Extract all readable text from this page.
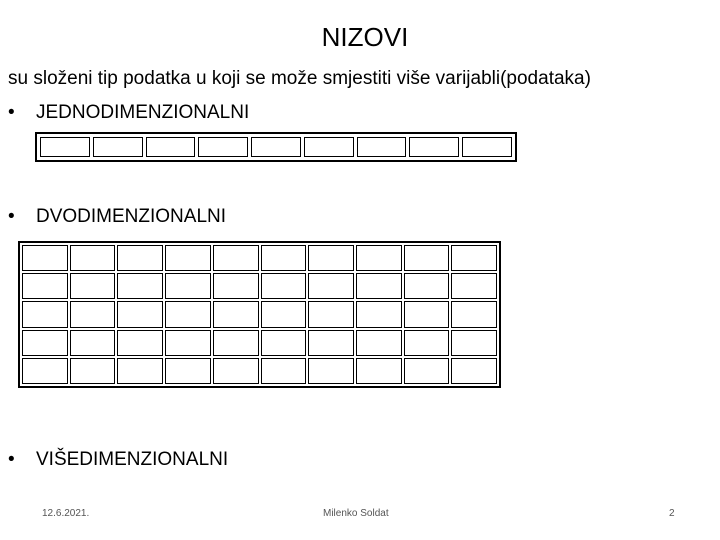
NIZOVI
su složeni tip podatka u koji se može smjestiti više varijabli(podataka)
• JEDNODIMENZIONALNI
• DVODIMENZIONALNI
• VIŠEDIMENZIONALNI
12.6.2021.	Milenko Soldat	2
